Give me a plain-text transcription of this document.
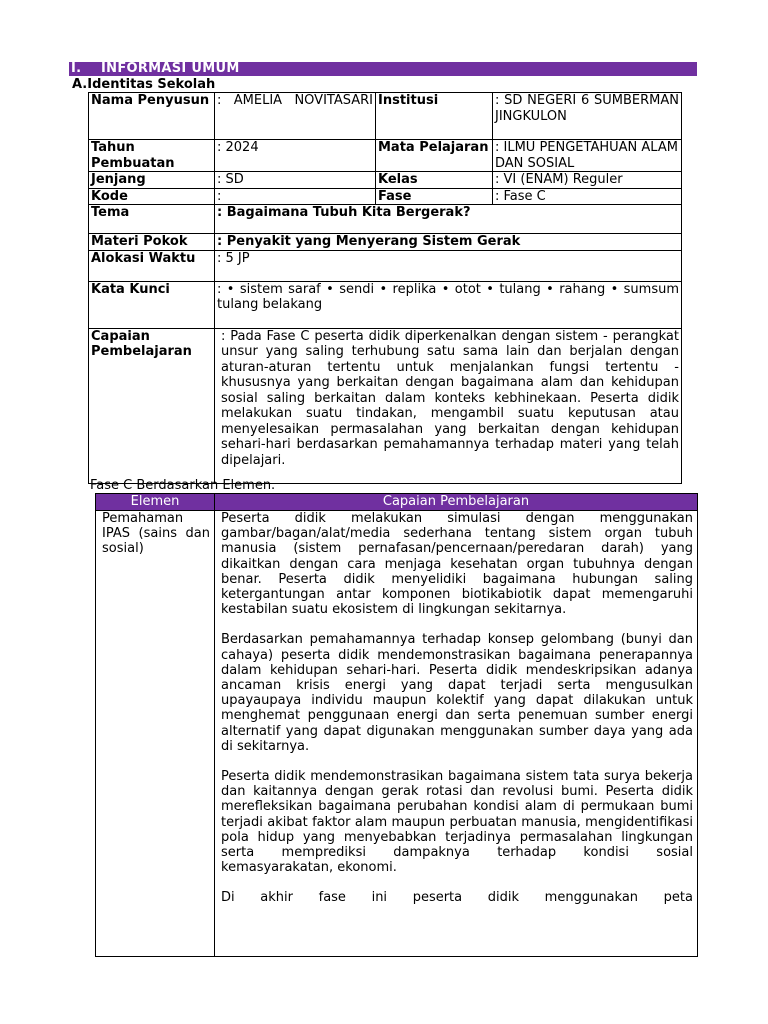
I. INFORMASI UMUM
A.Identitas Sekolah
Nama Penyusun	: AMELIA NOVITASARI	Institusi	: SD NEGERI 6 SUMBERMANJINGKULON
Tahun Pembuatan	: 2024	Mata Pelajaran	: ILMU PENGETAHUAN ALAM DAN SOSIAL
Jenjang	: SD	Kelas	: VI (ENAM) Reguler
Kode	:	Fase	: Fase C
Tema	: Bagaimana Tubuh Kita Bergerak?		
Materi Pokok	: Penyakit yang Menyerang Sistem Gerak		
Alokasi Waktu	: 5 JP		
Kata Kunci	: • sistem saraf • sendi • replika • otot • tulang • rahang • sumsum tulang belakang		
Capaian Pembelajaran	: Pada Fase C peserta didik diperkenalkan dengan sistem - perangkat unsur yang saling terhubung satu sama lain dan berjalan dengan aturan-aturan tertentu untuk menjalankan fungsi tertentu - khususnya yang berkaitan dengan bagaimana alam dan kehidupan sosial saling berkaitan dalam konteks kebhinekaan. Peserta didik melakukan suatu tindakan, mengambil suatu keputusan atau menyelesaikan permasalahan yang berkaitan dengan kehidupan sehari-hari berdasarkan pemahamannya terhadap materi yang telah dipelajari.		
Fase C Berdasarkan Elemen.
Elemen	Capaian Pembelajaran
Pemahaman IPAS (sains dan sosial)	Peserta didik melakukan simulasi dengan menggunakan gambar/bagan/alat/media sederhana tentang sistem organ tubuh manusia (sistem pernafasan/pencernaan/peredaran darah) yang dikaitkan dengan cara menjaga kesehatan organ tubuhnya dengan benar. Peserta didik menyelidiki bagaimana hubungan saling ketergantungan antar komponen biotikabiotik dapat memengaruhi kestabilan suatu ekosistem di lingkungan sekitarnya.

Berdasarkan pemahamannya terhadap konsep gelombang (bunyi dan cahaya) peserta didik mendemonstrasikan bagaimana penerapannya dalam kehidupan sehari-hari. Peserta didik mendeskripsikan adanya ancaman krisis energi yang dapat terjadi serta mengusulkan upayaupaya individu maupun kolektif yang dapat dilakukan untuk menghemat penggunaan energi dan serta penemuan sumber energi alternatif yang dapat digunakan menggunakan sumber daya yang ada di sekitarnya.

Peserta didik mendemonstrasikan bagaimana sistem tata surya bekerja dan kaitannya dengan gerak rotasi dan revolusi bumi. Peserta didik merefleksikan bagaimana perubahan kondisi alam di permukaan bumi terjadi akibat faktor alam maupun perbuatan manusia, mengidentifikasi pola hidup yang menyebabkan terjadinya permasalahan lingkungan serta memprediksi dampaknya terhadap kondisi sosial kemasyarakatan, ekonomi.

Di akhir fase ini peserta didik menggunakan peta
